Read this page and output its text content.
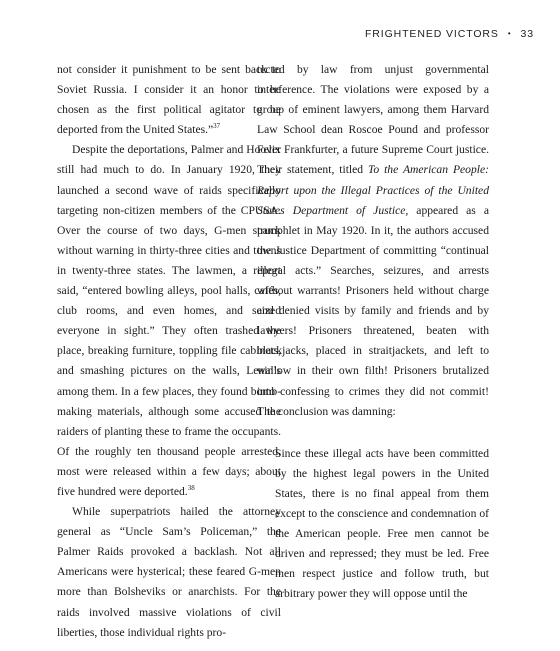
FRIGHTENED VICTORS • 33

not consider it punishment to be sent back to Soviet Russia. I consider it an honor to be chosen as the first political agitator to be deported from the United States.”$^{37}$

Despite the deportations, Palmer and Hoover still had much to do. In January 1920, they launched a second wave of raids specifically targeting non-citizen members of the CPUSA. Over the course of two days, G-men struck without warning in thirty-three cities and towns in twenty-three states. The lawmen, a report said, “entered bowling alleys, pool halls, cafés, club rooms, and even homes, and seized everyone in sight.” They often trashed the place, breaking furniture, toppling file cabinets, and smashing pictures on the walls, Lenin’s among them. In a few places, they found bomb-making materials, although some accused the raiders of planting these to frame the occupants. Of the roughly ten thousand people arrested, most were released within a few days; about five hundred were deported.$^{38}$

While superpatriots hailed the attorney general as “Uncle Sam’s Policeman,” the Palmer Raids provoked a backlash. Not all Americans were hysterical; these feared G-men more than Bolsheviks or anarchists. For the raids involved massive violations of civil liberties, those individual rights pro-

tected by law from unjust governmental interference. The violations were exposed by a group of eminent lawyers, among them Harvard Law School dean Roscoe Pound and professor Felix Frankfurter, a future Supreme Court justice. Their statement, titled To the American People: Report upon the Illegal Practices of the United States Department of Justice, appeared as a pamphlet in May 1920. In it, the authors accused the Justice Department of committing “continual illegal acts.” Searches, seizures, and arrests without warrants! Prisoners held without charge and denied visits by family and friends and by lawyers! Prisoners threatened, beaten with blackjacks, placed in straitjackets, and left to wallow in their own filth! Prisoners brutalized into confessing to crimes they did not commit! The conclusion was damning:

Since these illegal acts have been committed by the highest legal powers in the United States, there is no final appeal from them except to the conscience and condemnation of the American people. Free men cannot be driven and repressed; they must be led. Free men respect justice and follow truth, but arbitrary power they will oppose until the
